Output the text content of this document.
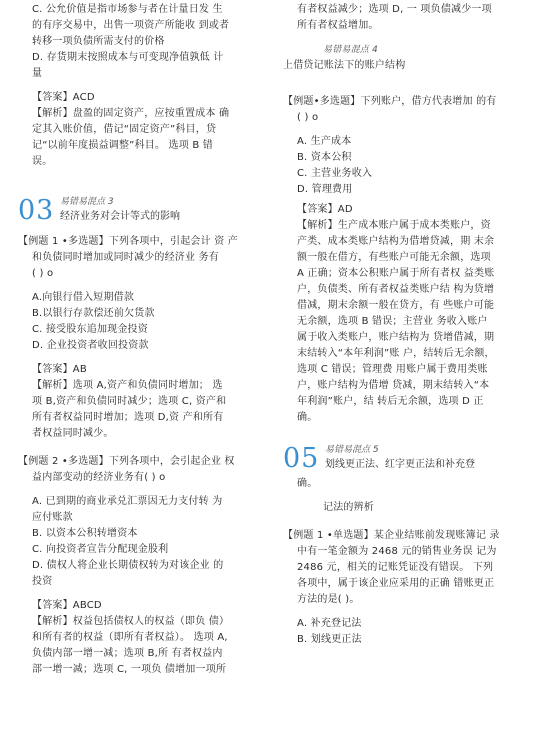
C. 公允价值是指市场参与者在计量日发 生

的有序交易中，出售一项资产所能收 到或者

转移一项负债所需支付的价格

D. 存货期末按照成本与可变现净值孰低 计

量

【答案】ACD

【解析】盘盈的固定资产，应按重置成本 确

定其入账价值，借记“固定资产”科目，贷

记“以前年度损益调整”科目。 选项 B 错

误。

03 易错易混点 3
经济业务对会计等式的影响

【例题 1 •多选题】下列各项中，引起会计 资 产

和负债同时增加或同时减少的经济业 务有

( ) o

A.向银行借入短期借款

B.以银行存款偿还前欠货款

C. 接受股东追加现金投资

D. 企业投资者收回投资款

【答案】AB

【解析】选项 A,资产和负债同时增加； 选

项 B,资产和负债同时减少；选项 C, 资产和

所有者权益同时增加；选项 D,资 产和所有

者权益同时减少。

【例题 2 •多选题】下列各项中，会引起企业 权

益内部变动的经济业务有( ) o

A. 已到期的商业承兑汇票因无力支付转 为

应付账款

B. 以资本公积转增资本

C. 向投资者宣告分配现金股利

D. 债权人将企业长期债权转为对该企业 的

投资

【答案】ABCD

【解析】权益包括债权人的权益（即负 债）

和所有者的权益（即所有者权益）。 选项 A,

负债内部一增一减；选项 B,所 有者权益内

部一增一减；选项 C, 一项负 债增加一项所

有者权益减少；选项 D, 一 项负债减少一项

所有者权益增加。

易错易混点 4

上借贷记账法下的账户结构

【例题•多选题】下列账户，借方代表增加 的有

( ) o

A. 生产成本

B. 资本公积

C. 主营业务收入

D. 管理费用

【答案】AD

【解析】生产成本账户属于成本类账户，资

产类、成本类账户结构为借增贷减，期 末余

额一般在借方，有些账户可能无余额，选项

A 正确；资本公积账户属于所有者权 益类账

户，负债类、所有者权益类账户结 构为贷增

借减，期末余额一般在贷方，有 些账户可能

无余额，选项 B 错误；主营业 务收入账户

属于收入类账户，账户结构为 贷增借减，期

末结转入“本年利润”账 户，结转后无余额，

选项 C 错误；管理费 用账户属于费用类账

户，账户结构为借增 贷减，期末结转入“本

年利润”账户，结 转后无余额，选项 D 正

确。

05 易错易混点 5
划线更正法、红字更正法和补充登

确。

记法的辨析

【例题 1 •单选题】某企业结账前发现账簿记 录

中有一笔金额为 2468 元的销售业务误 记为

2486 元，相关的记账凭证没有错误。 下列

各项中，属于该企业应采用的正确 错账更正

方法的是( )。

A. 补充登记法

B. 划线更正法
